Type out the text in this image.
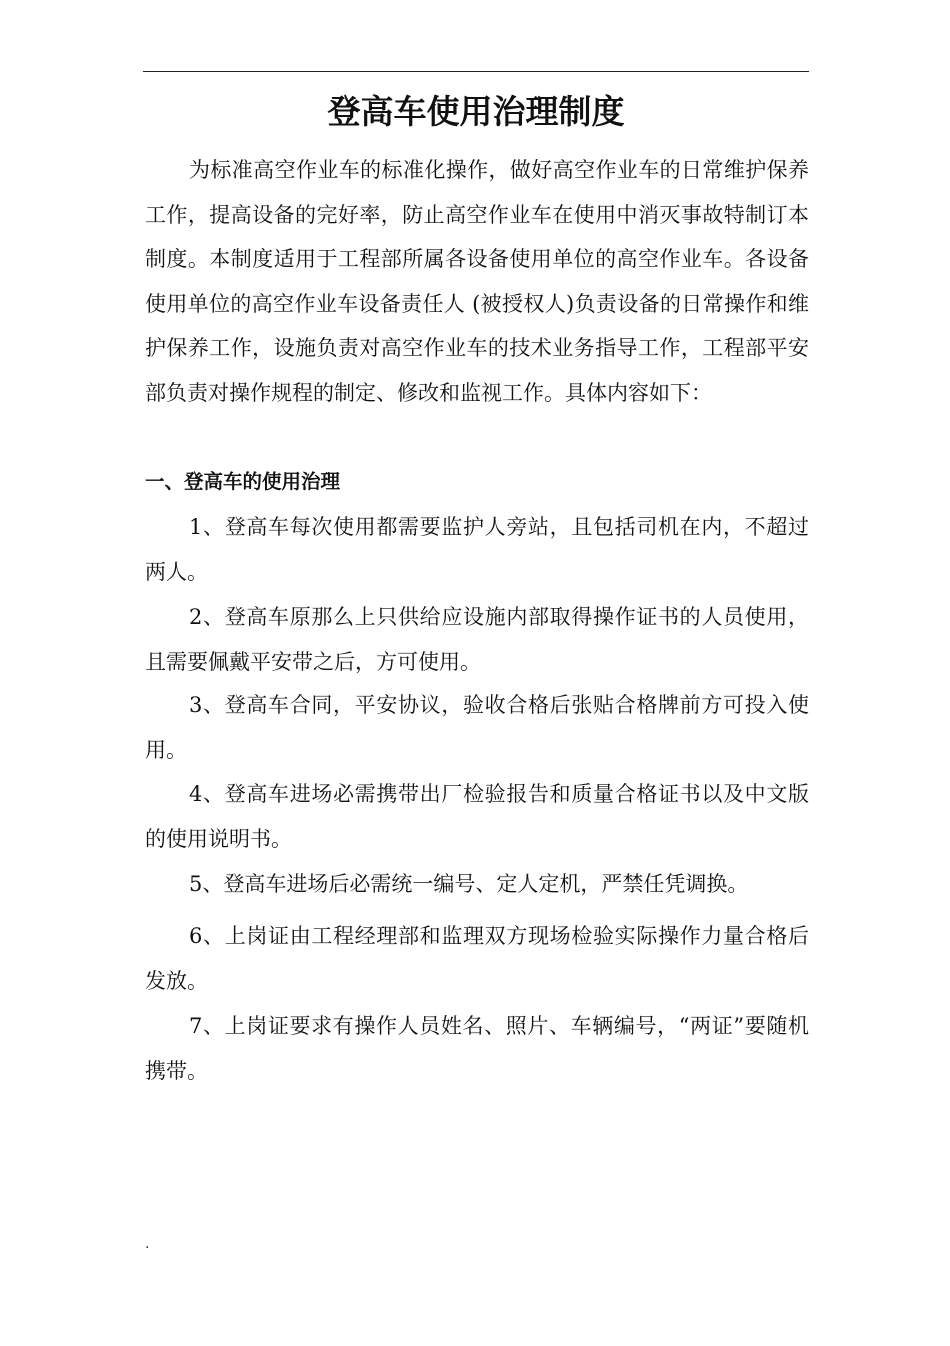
登高车使用治理制度

为标准高空作业车的标准化操作，做好高空作业车的日常维护保养工作，提高设备的完好率，防止高空作业车在使用中消灭事故特制订本制度。本制度适用于工程部所属各设备使用单位的高空作业车。各设备使用单位的高空作业车设备责任人 (被授权人)负责设备的日常操作和维护保养工作，设施负责对高空作业车的技术业务指导工作，工程部平安部负责对操作规程的制定、修改和监视工作。具体内容如下：

一、登高车的使用治理

1、登高车每次使用都需要监护人旁站，且包括司机在内，不超过两人。

2、登高车原那么上只供给应设施内部取得操作证书的人员使用，且需要佩戴平安带之后，方可使用。

3、登高车合同，平安协议，验收合格后张贴合格牌前方可投入使用。

4、登高车进场必需携带出厂检验报告和质量合格证书以及中文版的使用说明书。

5、登高车进场后必需统一编号、定人定机，严禁任凭调换。

6、上岗证由工程经理部和监理双方现场检验实际操作力量合格后发放。

7、上岗证要求有操作人员姓名、照片、车辆编号，“两证”要随机携带。

.
